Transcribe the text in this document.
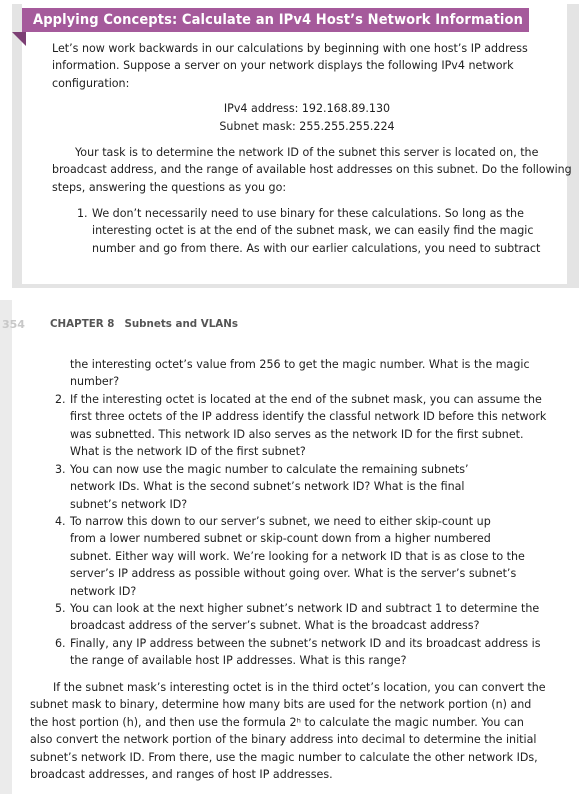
Applying Concepts: Calculate an IPv4 Host’s Network Information
Let’s now work backwards in our calculations by beginning with one host’s IP address
information. Suppose a server on your network displays the following IPv4 network
configuration:
IPv4 address: 192.168.89.130
Subnet mask: 255.255.255.224
Your task is to determine the network ID of the subnet this server is located on, the
broadcast address, and the range of available host addresses on this subnet. Do the following
steps, answering the questions as you go:
1. We don’t necessarily need to use binary for these calculations. So long as the
interesting octet is at the end of the subnet mask, we can easily find the magic
number and go from there. As with our earlier calculations, you need to subtract
354 CHAPTER 8 Subnets and VLANs
the interesting octet’s value from 256 to get the magic number. What is the magic
number?
2. If the interesting octet is located at the end of the subnet mask, you can assume the
first three octets of the IP address identify the classful network ID before this network
was subnetted. This network ID also serves as the network ID for the first subnet.
What is the network ID of the first subnet?
3. You can now use the magic number to calculate the remaining subnets’
network IDs. What is the second subnet’s network ID? What is the final
subnet’s network ID?
4. To narrow this down to our server’s subnet, we need to either skip-count up
from a lower numbered subnet or skip-count down from a higher numbered
subnet. Either way will work. We’re looking for a network ID that is as close to the
server’s IP address as possible without going over. What is the server’s subnet’s
network ID?
5. You can look at the next higher subnet’s network ID and subtract 1 to determine the
broadcast address of the server’s subnet. What is the broadcast address?
6. Finally, any IP address between the subnet’s network ID and its broadcast address is
the range of available host IP addresses. What is this range?
If the subnet mask’s interesting octet is in the third octet’s location, you can convert the
subnet mask to binary, determine how many bits are used for the network portion (n) and
the host portion (h), and then use the formula 2ʰ to calculate the magic number. You can
also convert the network portion of the binary address into decimal to determine the initial
subnet’s network ID. From there, use the magic number to calculate the other network IDs,
broadcast addresses, and ranges of host IP addresses.
